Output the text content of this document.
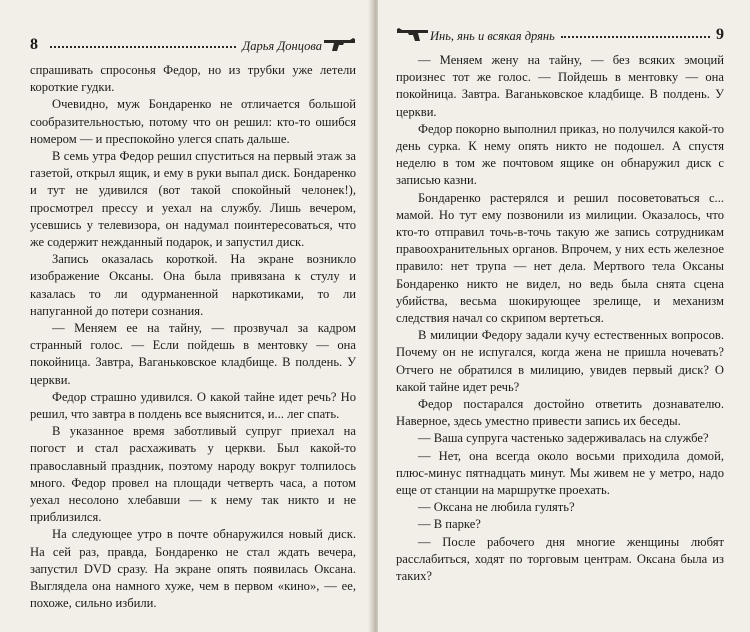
8	Дарья Донцова

спрашивать спросонья Федор, но из трубки уже летели короткие гудки.

Очевидно, муж Бондаренко не отличается большой сообразительностью, потому что он решил: кто-то ошибся номером — и преспокойно улегся спать дальше.

В семь утра Федор решил спуститься на первый этаж за газетой, открыл ящик, и ему в руки выпал диск. Бондаренко и тут не удивился (вот такой спокойный челонек!), просмотрел прессу и уехал на службу. Лишь вечером, усевшись у телевизора, он надумал поинтересоваться, что же содержит нежданный подарок, и запустил диск.

Запись оказалась короткой. На экране возникло изображение Оксаны. Она была привязана к стулу и казалась то ли одурманенной наркотиками, то ли напуганной до потери сознания.

— Меняем ее на тайну, — прозвучал за кадром странный голос. — Если пойдешь в ментовку — она покойница. Завтра, Ваганьковское кладбище. В полдень. У церкви.

Федор страшно удивился. О какой тайне идет речь? Но решил, что завтра в полдень все выяснится, и... лег спать.

В указанное время заботливый супруг приехал на погост и стал расхаживать у церкви. Был какой-то православный праздник, поэтому народу вокруг толпилось много. Федор провел на площади четверть часа, а потом уехал несолоно хлебавши — к нему так никто и не приблизился.

На следующее утро в почте обнаружился новый диск. На сей раз, правда, Бондаренко не стал ждать вечера, запустил DVD сразу. На экране опять появилась Оксана. Выглядела она намного хуже, чем в первом «кино», — ее, похоже, сильно избили.

Инь, янь и всякая дрянь	9

— Меняем жену на тайну, — без всяких эмоций произнес тот же голос. — Пойдешь в ментовку — она покойница. Завтра. Ваганьковское кладбище. В полдень. У церкви.

Федор покорно выполнил приказ, но получился какой-то день сурка. К нему опять никто не подошел. А спустя неделю в том же почтовом ящике он обнаружил диск с записью казни.

Бондаренко растерялся и решил посоветоваться с... мамой. Но тут ему позвонили из милиции. Оказалось, что кто-то отправил точь-в-точь такую же запись сотрудникам правоохранительных органов. Впрочем, у них есть железное правило: нет трупа — нет дела. Мертвого тела Оксаны Бондаренко никто не видел, но ведь была снята сцена убийства, весьма шокирующее зрелище, и механизм следствия начал со скрипом вертеться.

В милиции Федору задали кучу естественных вопросов. Почему он не испугался, когда жена не пришла ночевать? Отчего не обратился в милицию, увидев первый диск? О какой тайне идет речь?

Федор постарался достойно ответить дознавателю. Наверное, здесь уместно привести запись их беседы.

— Ваша супруга частенько задерживалась на службе?

— Нет, она всегда около восьми приходила домой, плюс-минус пятнадцать минут. Мы живем не у метро, надо еще от станции на маршрутке проехать.

— Оксана не любила гулять?

— В парке?

— После рабочего дня многие женщины любят расслабиться, ходят по торговым центрам. Оксана была из таких?
